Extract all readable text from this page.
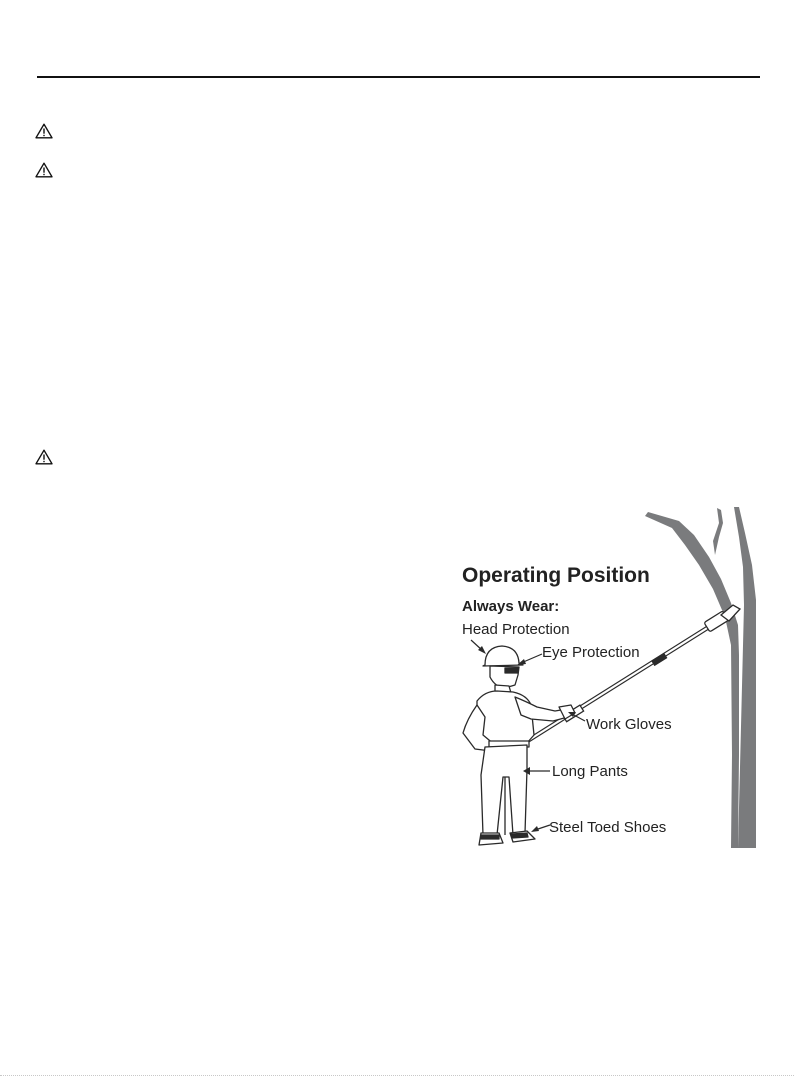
Operating Position
Always Wear:
Head Protection
Eye Protection
Work Gloves
Long Pants
Steel Toed Shoes
